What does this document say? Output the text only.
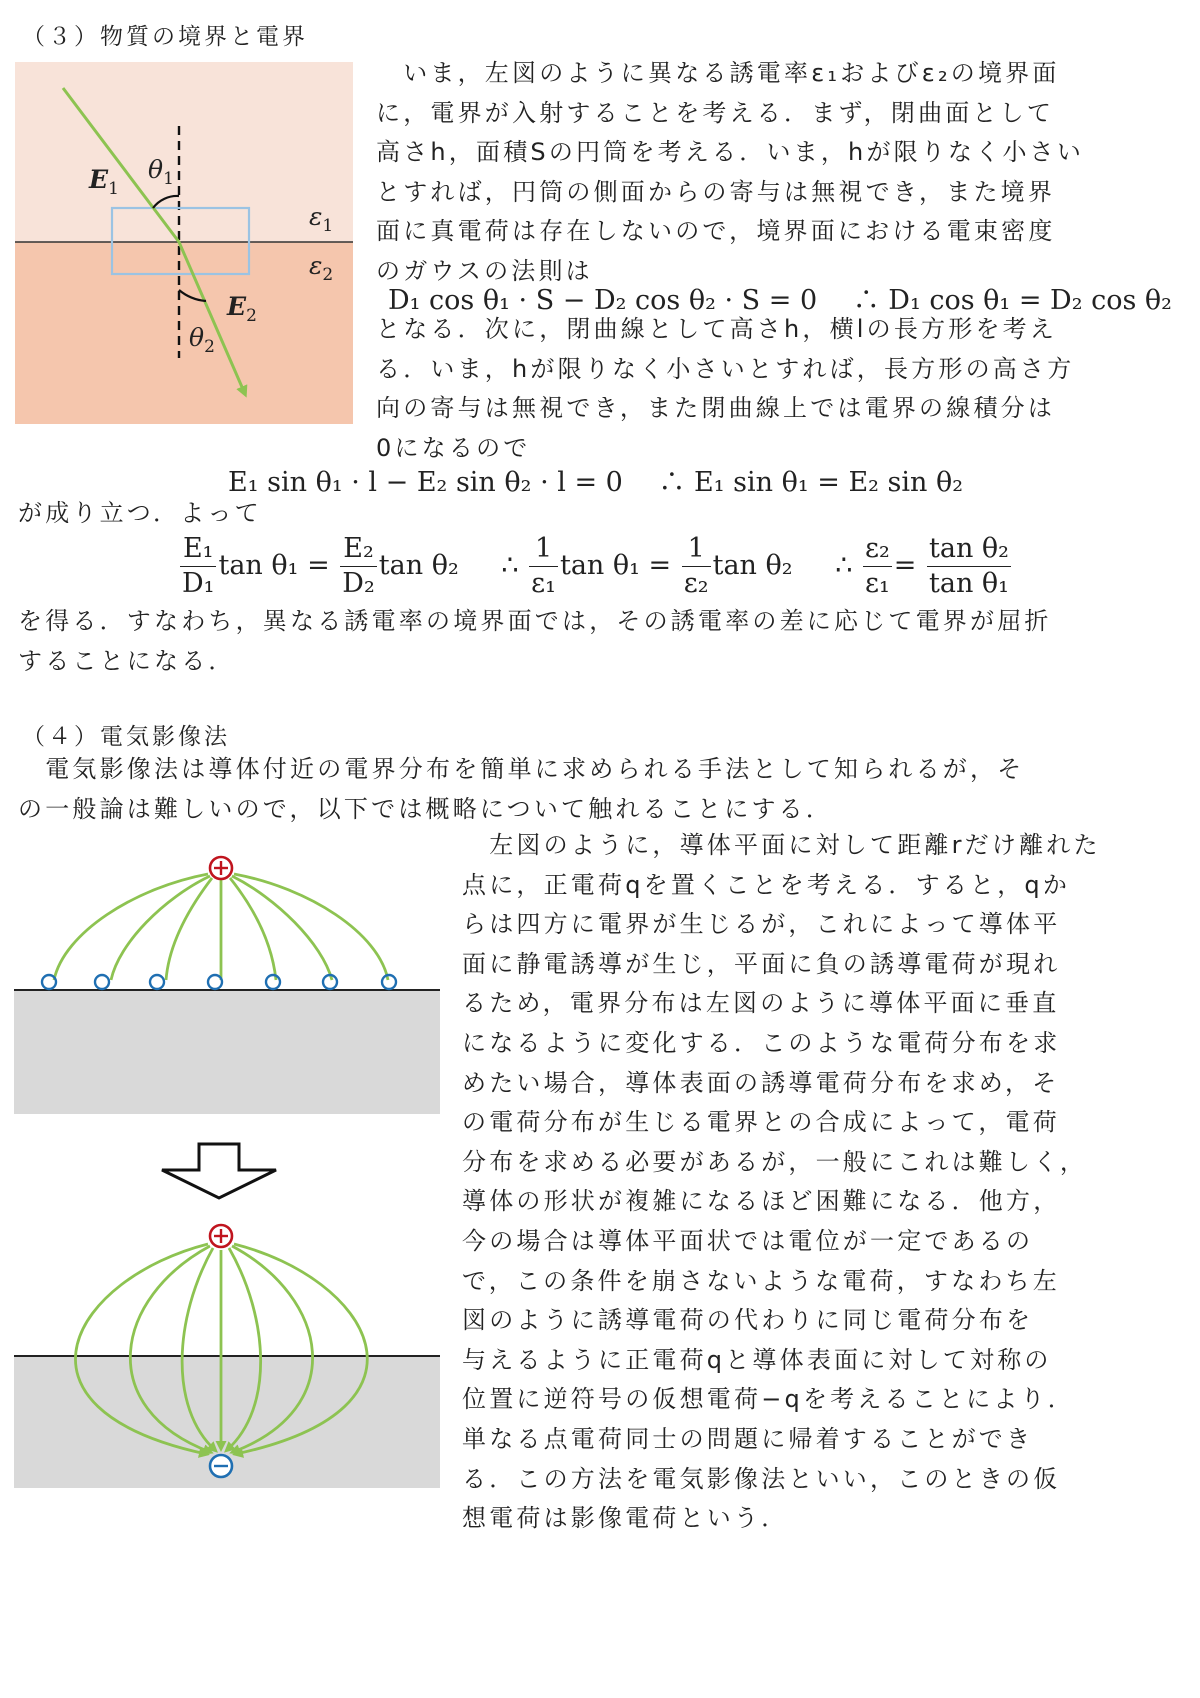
（３）物質の境界と電界
$E_1$
$\theta_1$
$\varepsilon_1$
$\varepsilon_2$
$E_2$
$\theta_2$

　いま，左図のように異なる誘電率ε₁およびε₂の境界面

に，電界が入射することを考える．まず，閉曲面として

高さh，面積Sの円筒を考える．いま，hが限りなく小さい

とすれば，円筒の側面からの寄与は無視でき，また境界

面に真電荷は存在しないので，境界面における電束密度

のガウスの法則は

D₁ cos θ₁ · S − D₂ cos θ₂ · S = 0　 ∴ D₁ cos θ₁ = D₂ cos θ₂

となる．次に，閉曲線として高さh，横lの長方形を考え

る．いま，hが限りなく小さいとすれば，長方形の高さ方

向の寄与は無視でき，また閉曲線上では電界の線積分は

0になるので

E₁ sin θ₁ · l − E₂ sin θ₂ · l = 0　 ∴ E₁ sin θ₁ = E₂ sin θ₂

が成り立つ．よって

$\frac{\text{E₁}}{\text{D₁}}$ $\tan \theta_1 = \frac{\text{E₂}}{\text{D₂}}$ tan θ₂ ∴ $\frac{1}{\text{ε₁}}$ $\tan \theta_1 = \frac{1}{\text{ε₂}}$ tan θ₂ ∴ $\frac{\text{ε₂}}{\text{ε₁}} = \frac{\text{tan θ₂}}{\text{tan θ₁}}$

を得る．すなわち，異なる誘電率の境界面では，その誘電率の差に応じて電界が屈折

することになる．

（４）電気影像法

　電気影像法は導体付近の電界分布を簡単に求められる手法として知られるが，そ

の一般論は難しいので，以下では概略について触れることにする．

　左図のように，導体平面に対して距離rだけ離れた

点に，正電荷qを置くことを考える．すると，qか

らは四方に電界が生じるが，これによって導体平

面に静電誘導が生じ，平面に負の誘導電荷が現れ

るため，電界分布は左図のように導体平面に垂直

になるように変化する．このような電荷分布を求

めたい場合，導体表面の誘導電荷分布を求め，そ

の電荷分布が生じる電界との合成によって，電荷

分布を求める必要があるが，一般にこれは難しく，

導体の形状が複雑になるほど困難になる．他方，

今の場合は導体平面状では電位が一定であるの

で，この条件を崩さないような電荷，すなわち左

図のように誘導電荷の代わりに同じ電荷分布を

与えるように正電荷qと導体表面に対して対称の

位置に逆符号の仮想電荷−qを考えることにより．

単なる点電荷同士の問題に帰着することができ

る．この方法を電気影像法といい，このときの仮

想電荷は影像電荷という．
